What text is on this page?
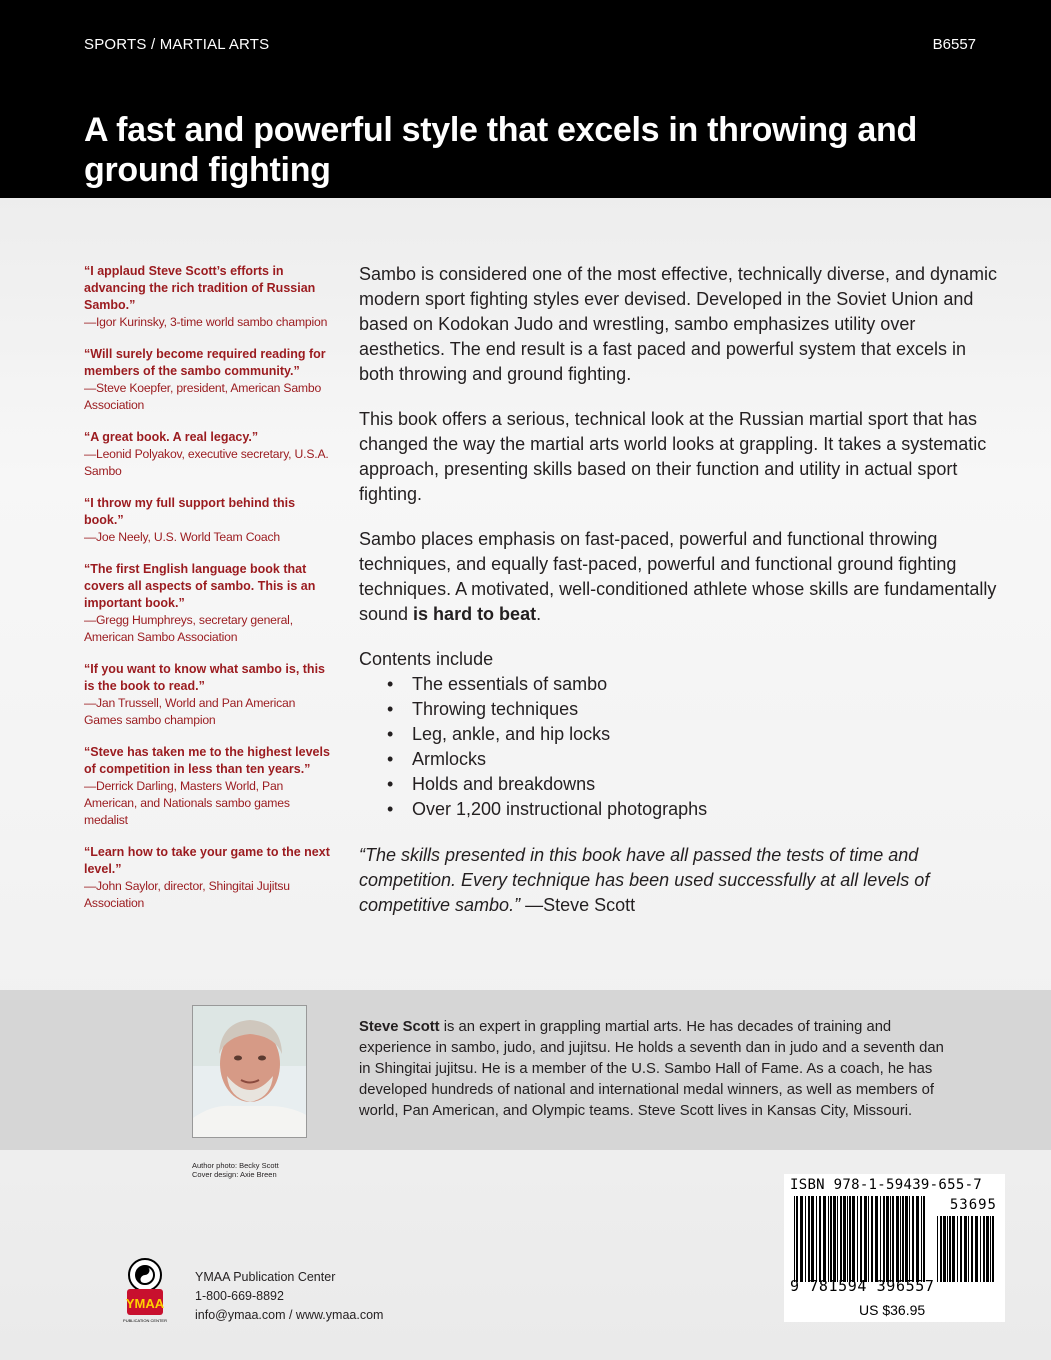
SPORTS / MARTIAL ARTS	B6557
A fast and powerful style that excels in throwing and ground fighting
“I applaud Steve Scott’s efforts in advancing the rich tradition of Russian Sambo.”
—Igor Kurinsky, 3-time world sambo champion
“Will surely become required reading for members of the sambo community.”
—Steve Koepfer, president, American Sambo Association
“A great book. A real legacy.”
—Leonid Polyakov, executive secretary, U.S.A. Sambo
“I throw my full support behind this book.”
—Joe Neely, U.S. World Team Coach
“The first English language book that covers all aspects of sambo. This is an important book.”
—Gregg Humphreys, secretary general, American Sambo Association
“If you want to know what sambo is, this is the book to read.”
—Jan Trussell, World and Pan American Games sambo champion
“Steve has taken me to the highest levels of competition in less than ten years.”
—Derrick Darling, Masters World, Pan American, and Nationals sambo games medalist
“Learn how to take your game to the next level.”
—John Saylor, director, Shingitai Jujitsu Association

Sambo is considered one of the most effective, technically diverse, and dynamic modern sport fighting styles ever devised. Developed in the Soviet Union and based on Kodokan Judo and wrestling, sambo emphasizes utility over aesthetics. The end result is a fast paced and powerful system that excels in both throwing and ground fighting.

This book offers a serious, technical look at the Russian martial sport that has changed the way the martial arts world looks at grappling. It takes a systematic approach, presenting skills based on their function and utility in actual sport fighting.

Sambo places emphasis on fast-paced, powerful and functional throwing techniques, and equally fast-paced, powerful and functional ground fighting techniques. A motivated, well-conditioned athlete whose skills are fundamentally sound is hard to beat.

Contents include
• The essentials of sambo
• Throwing techniques
• Leg, ankle, and hip locks
• Armlocks
• Holds and breakdowns
• Over 1,200 instructional photographs

“The skills presented in this book have all passed the tests of time and competition. Every technique has been used successfully at all levels of competitive sambo.” —Steve Scott

Steve Scott is an expert in grappling martial arts. He has decades of training and experience in sambo, judo, and jujitsu. He holds a seventh dan in judo and a seventh dan in Shingitai jujitsu. He is a member of the U.S. Sambo Hall of Fame. As a coach, he has developed hundreds of national and international medal winners, as well as members of world, Pan American, and Olympic teams. Steve Scott lives in Kansas City, Missouri.
Author photo: Becky Scott
Cover design: Axie Breen
YMAA
PUBLICATION CENTER
YMAA Publication Center
1-800-669-8892
info@ymaa.com / www.ymaa.com
ISBN 978-1-59439-655-7
53695
9 781594 396557
US $36.95
